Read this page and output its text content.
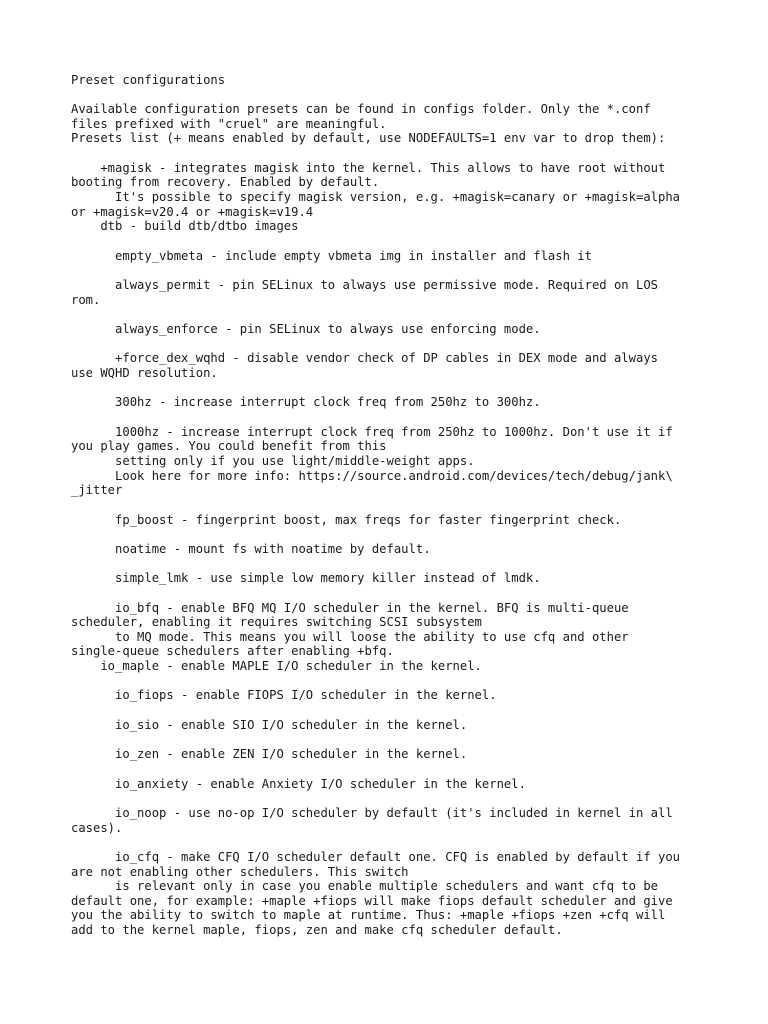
Preset configurations

Available configuration presets can be found in configs folder. Only the *.conf

files prefixed with "cruel" are meaningful.

Presets list (+ means enabled by default, use NODEFAULTS=1 env var to drop them):

+magisk - integrates magisk into the kernel. This allows to have root without

booting from recovery. Enabled by default.

It's possible to specify magisk version, e.g. +magisk=canary or +magisk=alpha

or +magisk=v20.4 or +magisk=v19.4

dtb - build dtb/dtbo images

empty_vbmeta - include empty vbmeta img in installer and flash it

always_permit - pin SELinux to always use permissive mode. Required on LOS

rom.

always_enforce - pin SELinux to always use enforcing mode.

+force_dex_wqhd - disable vendor check of DP cables in DEX mode and always

use WQHD resolution.

300hz - increase interrupt clock freq from 250hz to 300hz.

1000hz - increase interrupt clock freq from 250hz to 1000hz. Don't use it if

you play games. You could benefit from this

setting only if you use light/middle-weight apps.

Look here for more info: https://source.android.com/devices/tech/debug/jank\

_jitter

fp_boost - fingerprint boost, max freqs for faster fingerprint check.

noatime - mount fs with noatime by default.

simple_lmk - use simple low memory killer instead of lmdk.

io_bfq - enable BFQ MQ I/O scheduler in the kernel. BFQ is multi-queue

scheduler, enabling it requires switching SCSI subsystem

to MQ mode. This means you will loose the ability to use cfq and other

single-queue schedulers after enabling +bfq.

io_maple - enable MAPLE I/O scheduler in the kernel.

io_fiops - enable FIOPS I/O scheduler in the kernel.

io_sio - enable SIO I/O scheduler in the kernel.

io_zen - enable ZEN I/O scheduler in the kernel.

io_anxiety - enable Anxiety I/O scheduler in the kernel.

io_noop - use no-op I/O scheduler by default (it's included in kernel in all

cases).

io_cfq - make CFQ I/O scheduler default one. CFQ is enabled by default if you

are not enabling other schedulers. This switch

is relevant only in case you enable multiple schedulers and want cfq to be

default one, for example: +maple +fiops will make fiops default scheduler and give

you the ability to switch to maple at runtime. Thus: +maple +fiops +zen +cfq will

add to the kernel maple, fiops, zen and make cfq scheduler default.
